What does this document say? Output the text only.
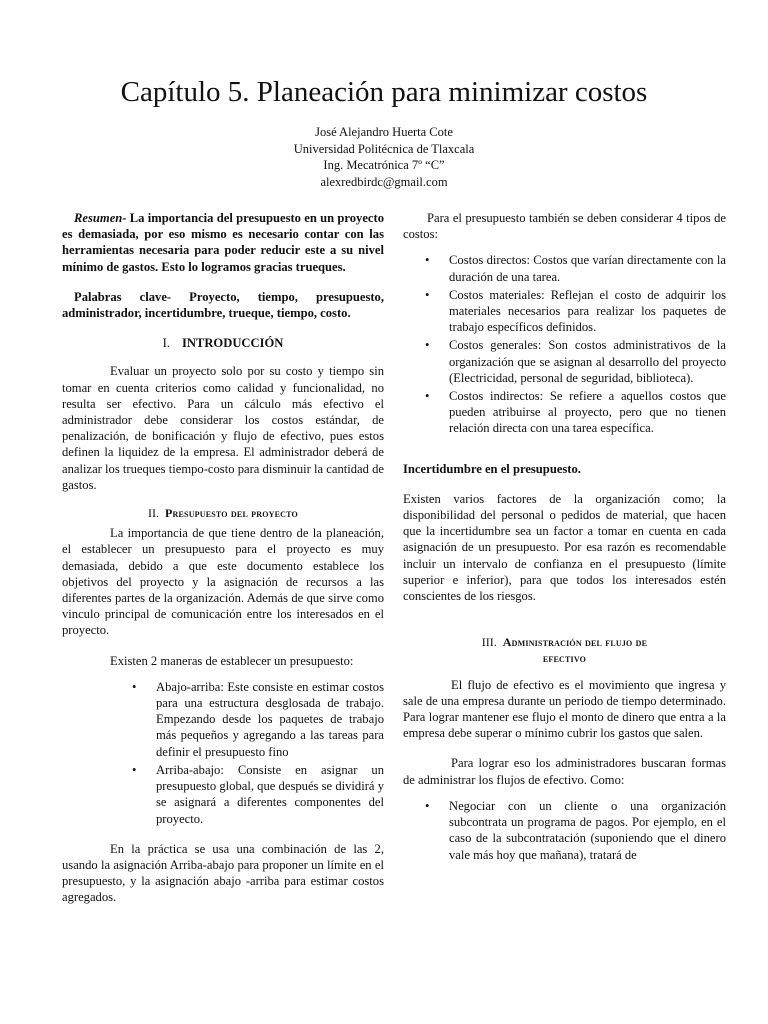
Capítulo 5. Planeación para minimizar costos
José Alejandro Huerta Cote
Universidad Politécnica de Tlaxcala
Ing. Mecatrónica 7º “C”
alexredbirdc@gmail.com

Resumen- La importancia del presupuesto en un proyecto es demasiada, por eso mismo es necesario contar con las herramientas necesaria para poder reducir este a su nivel mínimo de gastos. Esto lo logramos gracias trueques.

Palabras clave- Proyecto, tiempo, presupuesto, administrador, incertidumbre, trueque, tiempo, costo.

I. INTRODUCCIÓN

Evaluar un proyecto solo por su costo y tiempo sin tomar en cuenta criterios como calidad y funcionalidad, no resulta ser efectivo. Para un cálculo más efectivo el administrador debe considerar los costos estándar, de penalización, de bonificación y flujo de efectivo, pues estos definen la liquidez de la empresa. El administrador deberá de analizar los trueques tiempo-costo para disminuir la cantidad de gastos.

II. Presupuesto del proyecto

La importancia de que tiene dentro de la planeación, el establecer un presupuesto para el proyecto es muy demasiada, debido a que este documento establece los objetivos del proyecto y la asignación de recursos a las diferentes partes de la organización. Además de que sirve como vinculo principal de comunicación entre los interesados en el proyecto.

Existen 2 maneras de establecer un presupuesto:

• Abajo-arriba: Este consiste en estimar costos para una estructura desglosada de trabajo. Empezando desde los paquetes de trabajo más pequeños y agregando a las tareas para definir el presupuesto fino
• Arriba-abajo: Consiste en asignar un presupuesto global, que después se dividirá y se asignará a diferentes componentes del proyecto.

En la práctica se usa una combinación de las 2, usando la asignación Arriba-abajo para proponer un límite en el presupuesto, y la asignación abajo -arriba para estimar costos agregados.

Para el presupuesto también se deben considerar 4 tipos de costos:

• Costos directos: Costos que varían directamente con la duración de una tarea.
• Costos materiales: Reflejan el costo de adquirir los materiales necesarios para realizar los paquetes de trabajo específicos definidos.
• Costos generales: Son costos administrativos de la organización que se asignan al desarrollo del proyecto (Electricidad, personal de seguridad, biblioteca).
• Costos indirectos: Se refiere a aquellos costos que pueden atribuirse al proyecto, pero que no tienen relación directa con una tarea específica.

Incertidumbre en el presupuesto.

Existen varios factores de la organización como; la disponibilidad del personal o pedidos de material, que hacen que la incertidumbre sea un factor a tomar en cuenta en cada asignación de un presupuesto. Por esa razón es recomendable incluir un intervalo de confianza en el presupuesto (límite superior e inferior), para que todos los interesados estén conscientes de los riesgos.

III. Administración del flujo de
efectivo

El flujo de efectivo es el movimiento que ingresa y sale de una empresa durante un periodo de tiempo determinado. Para lograr mantener ese flujo el monto de dinero que entra a la empresa debe superar o mínimo cubrir los gastos que salen.

Para lograr eso los administradores buscaran formas de administrar los flujos de efectivo. Como:

• Negociar con un cliente o una organización subcontrata un programa de pagos. Por ejemplo, en el caso de la subcontratación (suponiendo que el dinero vale más hoy que mañana), tratará de
